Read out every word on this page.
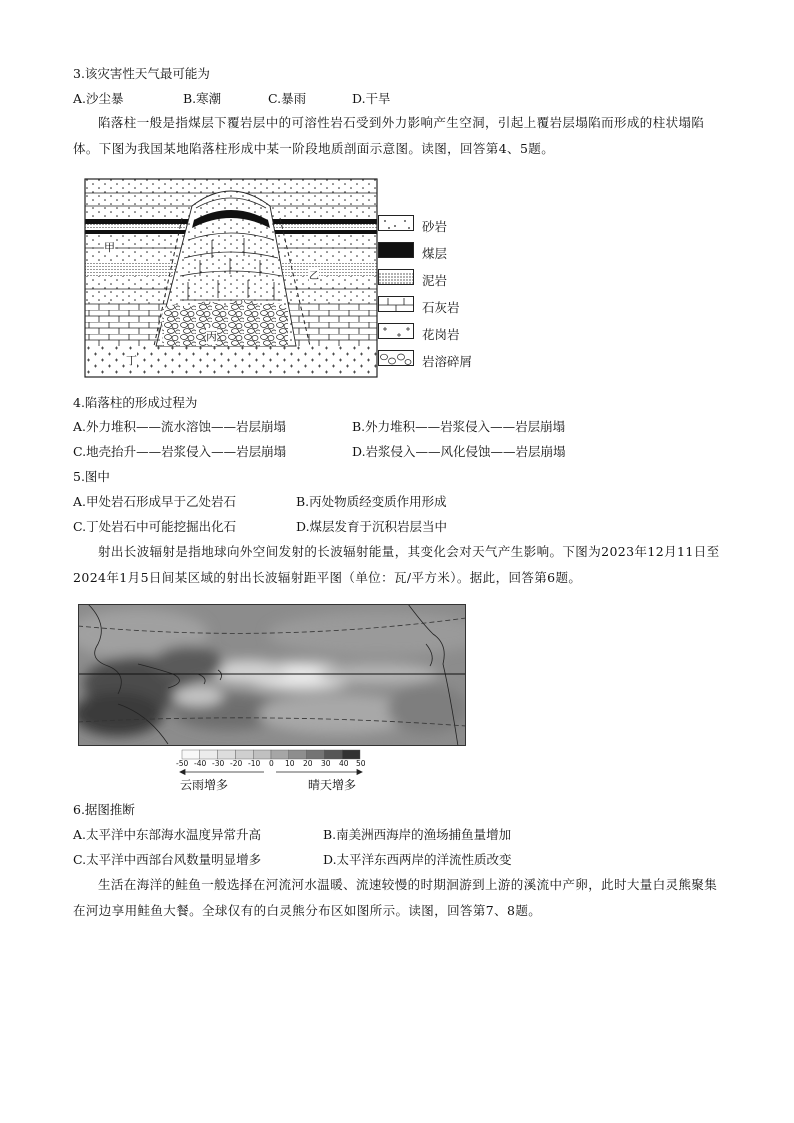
3.该灾害性天气最可能为
A.沙尘暴	B.寒潮	C.暴雨	D.干旱
陷落柱一般是指煤层下覆岩层中的可溶性岩石受到外力影响产生空洞，引起上覆岩层塌陷而形成的柱状塌陷体。下图为我国某地陷落柱形成中某一阶段地质剖面示意图。读图，回答第4、5题。
甲
乙
丙
丁
砂岩
煤层
泥岩
石灰岩
花岗岩
岩溶碎屑
4.陷落柱的形成过程为
A.外力堆积——流水溶蚀——岩层崩塌	B.外力堆积——岩浆侵入——岩层崩塌
C.地壳抬升——岩浆侵入——岩层崩塌	D.岩浆侵入——风化侵蚀——岩层崩塌
5.图中
A.甲处岩石形成早于乙处岩石	B.丙处物质经变质作用形成
C.丁处岩石中可能挖掘出化石	D.煤层发育于沉积岩层当中
射出长波辐射是指地球向外空间发射的长波辐射能量，其变化会对天气产生影响。下图为2023年12月11日至2024年1月5日间某区域的射出长波辐射距平图（单位：瓦/平方米）。据此，回答第6题。
-50 -40 -30 -20 -10 0 10 20 30 40 50
云雨增多	晴天增多
6.据图推断
A.太平洋中东部海水温度异常升高	B.南美洲西海岸的渔场捕鱼量增加
C.太平洋中西部台风数量明显增多	D.太平洋东西两岸的洋流性质改变
生活在海洋的鲑鱼一般选择在河流河水温暖、流速较慢的时期洄游到上游的溪流中产卵，此时大量白灵熊聚集在河边享用鲑鱼大餐。全球仅有的白灵熊分布区如图所示。读图，回答第7、8题。
